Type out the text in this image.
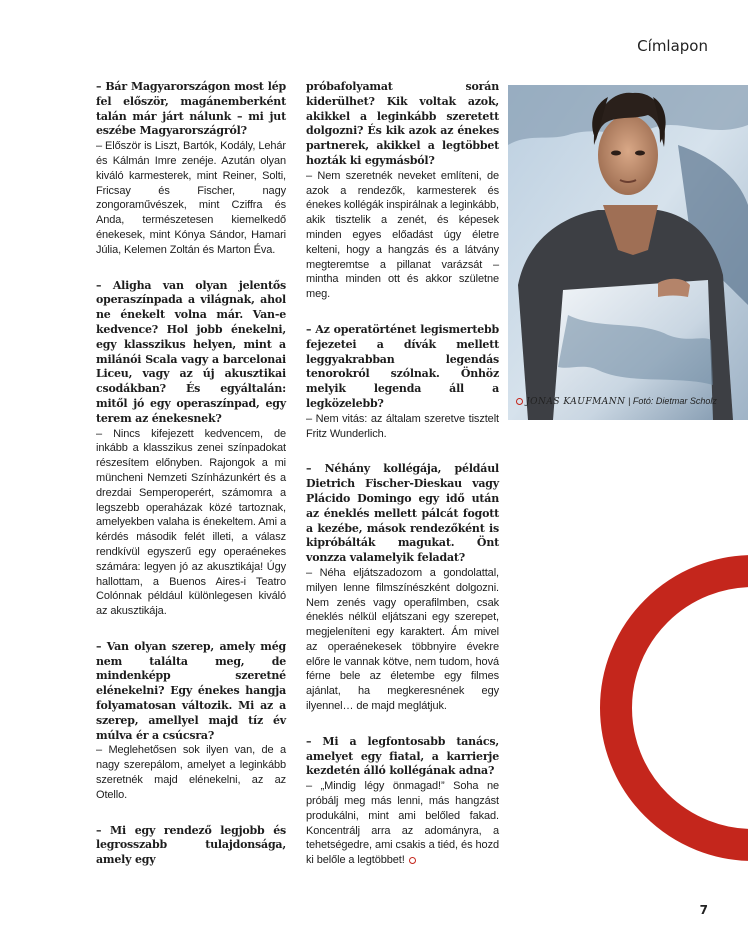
Címlapon

– Bár Magyarországon most lép fel először, magánemberként talán már járt nálunk – mi jut eszébe Magyarországról?

– Először is Liszt, Bartók, Kodály, Lehár és Kálmán Imre zenéje. Azután olyan kiváló karmesterek, mint Reiner, Solti, Fricsay és Fischer, nagy zongoraművészek, mint Cziffra és Anda, természetesen kiemelkedő énekesek, mint Kónya Sándor, Hamari Júlia, Kelemen Zoltán és Marton Éva.

– Aligha van olyan jelentős operaszínpada a világnak, ahol ne énekelt volna már. Van-e kedvence? Hol jobb énekelni, egy klasszikus helyen, mint a milánói Scala vagy a barcelonai Liceu, vagy az új akusztikai csodákban? És egyáltalán: mitől jó egy operaszínpad, egy terem az énekesnek?

– Nincs kifejezett kedvencem, de inkább a klasszikus zenei színpadokat részesítem előnyben. Rajongok a mi müncheni Nemzeti Színházunkért és a drezdai Semperoperért, számomra a legszebb operaházak közé tartoznak, amelyekben valaha is énekeltem. Ami a kérdés második felét illeti, a válasz rendkívül egyszerű egy operaénekes számára: legyen jó az akusztikája! Úgy hallottam, a Buenos Aires-i Teatro Colónnak például különlegesen kiváló az akusztikája.

– Van olyan szerep, amely még nem találta meg, de mindenképp szeretné elénekelni? Egy énekes hangja folyamatosan változik. Mi az a szerep, amellyel majd tíz év múlva ér a csúcsra?

– Meglehetősen sok ilyen van, de a nagy szerepálom, amelyet a leginkább szeretnék majd elénekelni, az az Otello.

– Mi egy rendező legjobb és legrosszabb tulajdonsága, amely egy

próbafolyamat során kiderülhet? Kik voltak azok, akikkel a leginkább szeretett dolgozni? És kik azok az énekes partnerek, akikkel a legtöbbet hozták ki egymásból?

– Nem szeretnék neveket említeni, de azok a rendezők, karmesterek és énekes kollégák inspirálnak a leginkább, akik tisztelik a zenét, és képesek minden egyes előadást úgy életre kelteni, hogy a hangzás és a látvány megteremtse a pillanat varázsát – mintha minden ott és akkor születne meg.

– Az operatörténet legismertebb fejezetei a dívák mellett leggyakrabban legendás tenorokról szólnak. Önhöz melyik legenda áll a legközelebb?

– Nem vitás: az általam szeretve tisztelt Fritz Wunderlich.

– Néhány kollégája, például Dietrich Fischer-Dieskau vagy Plácido Domingo egy idő után az éneklés mellett pálcát fogott a kezébe, mások rendezőként is kipróbálták magukat. Önt vonzza valamelyik feladat?

– Néha eljátszadozom a gondolattal, milyen lenne filmszínészként dolgozni. Nem zenés vagy operafilmben, csak éneklés nélkül eljátszani egy szerepet, megjeleníteni egy karaktert. Ám mivel az operaénekesek többnyire évekre előre le vannak kötve, nem tudom, hová férne bele az életembe egy filmes ajánlat, ha megkeresnének egy ilyennel… de majd meglátjuk.

– Mi a legfontosabb tanács, amelyet egy fiatal, a karrierje kezdetén álló kollégának adna?

– „Mindig légy önmagad!” Soha ne próbálj meg más lenni, más hangzást produkálni, mint ami belőled fakad. Koncentrálj arra az adományra, a tehetségedre, ami csakis a tiéd, és hozd ki belőle a legtöbbet!

JONAS KAUFMANN | Fotó: Dietmar Scholz
7
